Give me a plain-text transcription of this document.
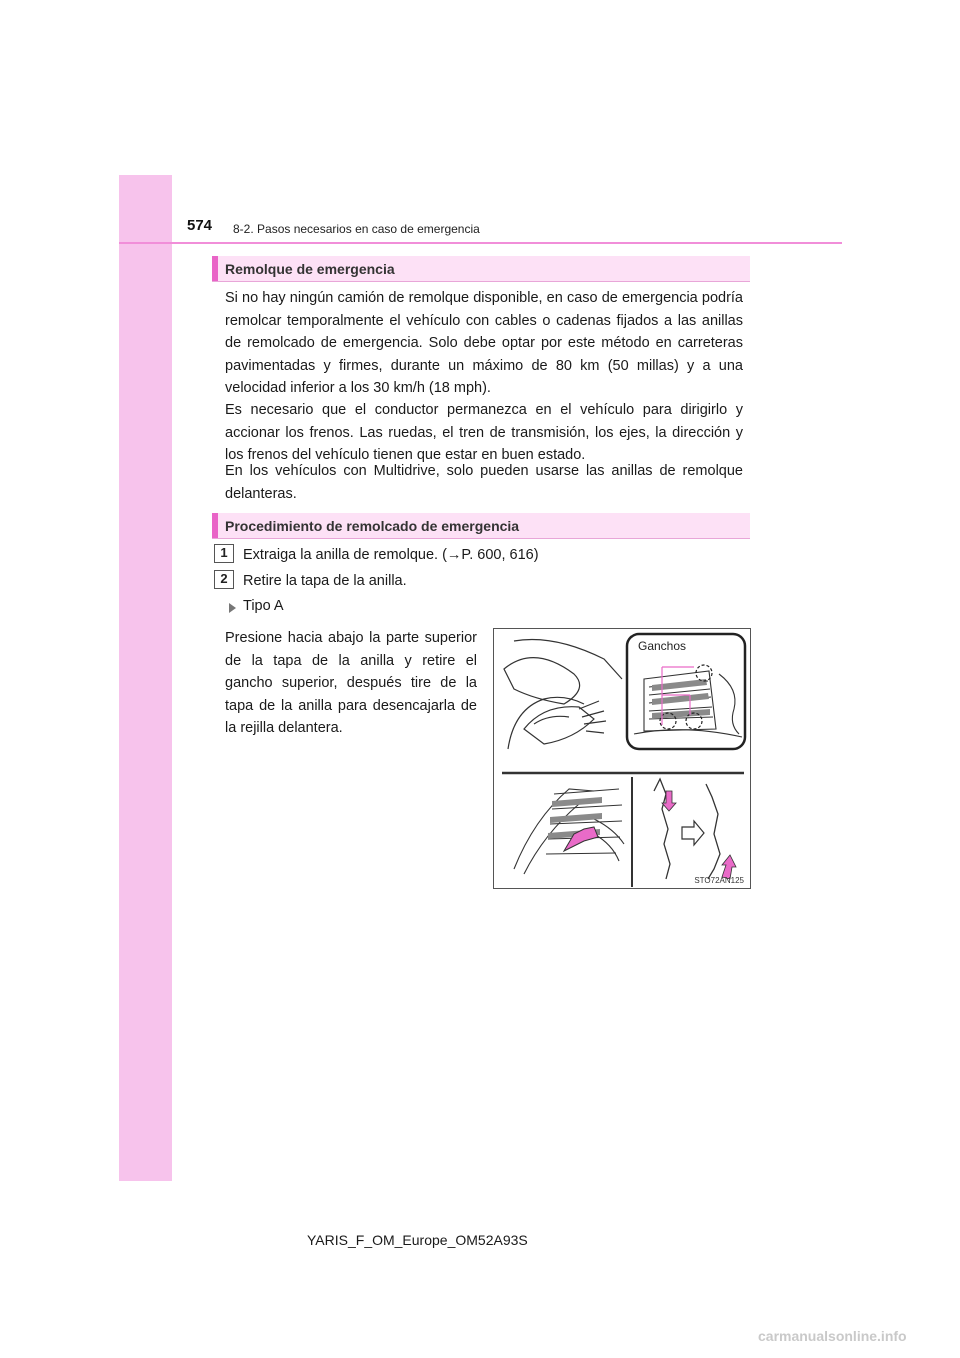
574 8-2. Pasos necesarios en caso de emergencia
Remolque de emergencia

Si no hay ningún camión de remolque disponible, en caso de emergencia podría remolcar temporalmente el vehículo con cables o cadenas fijados a las anillas de remolcado de emergencia. Solo debe optar por este método en carreteras pavimentadas y firmes, durante un máximo de 80 km (50 millas) y a una velocidad inferior a los 30 km/h (18 mph).

Es necesario que el conductor permanezca en el vehículo para dirigirlo y accionar los frenos. Las ruedas, el tren de transmisión, los ejes, la dirección y los frenos del vehículo tienen que estar en buen estado.

En los vehículos con Multidrive, solo pueden usarse las anillas de remolque delanteras.

Procedimiento de remolcado de emergencia
1	Extraiga la anilla de remolque. (→P. 600, 616)
2	Retire la tapa de la anilla.
Tipo A

Presione hacia abajo la parte superior de la tapa de la anilla y retire el gancho superior, después tire de la tapa de la anilla para desencajarla de la rejilla delantera.

Ganchos
STO72AN125
YARIS_F_OM_Europe_OM52A93S
carmanualsonline.info
